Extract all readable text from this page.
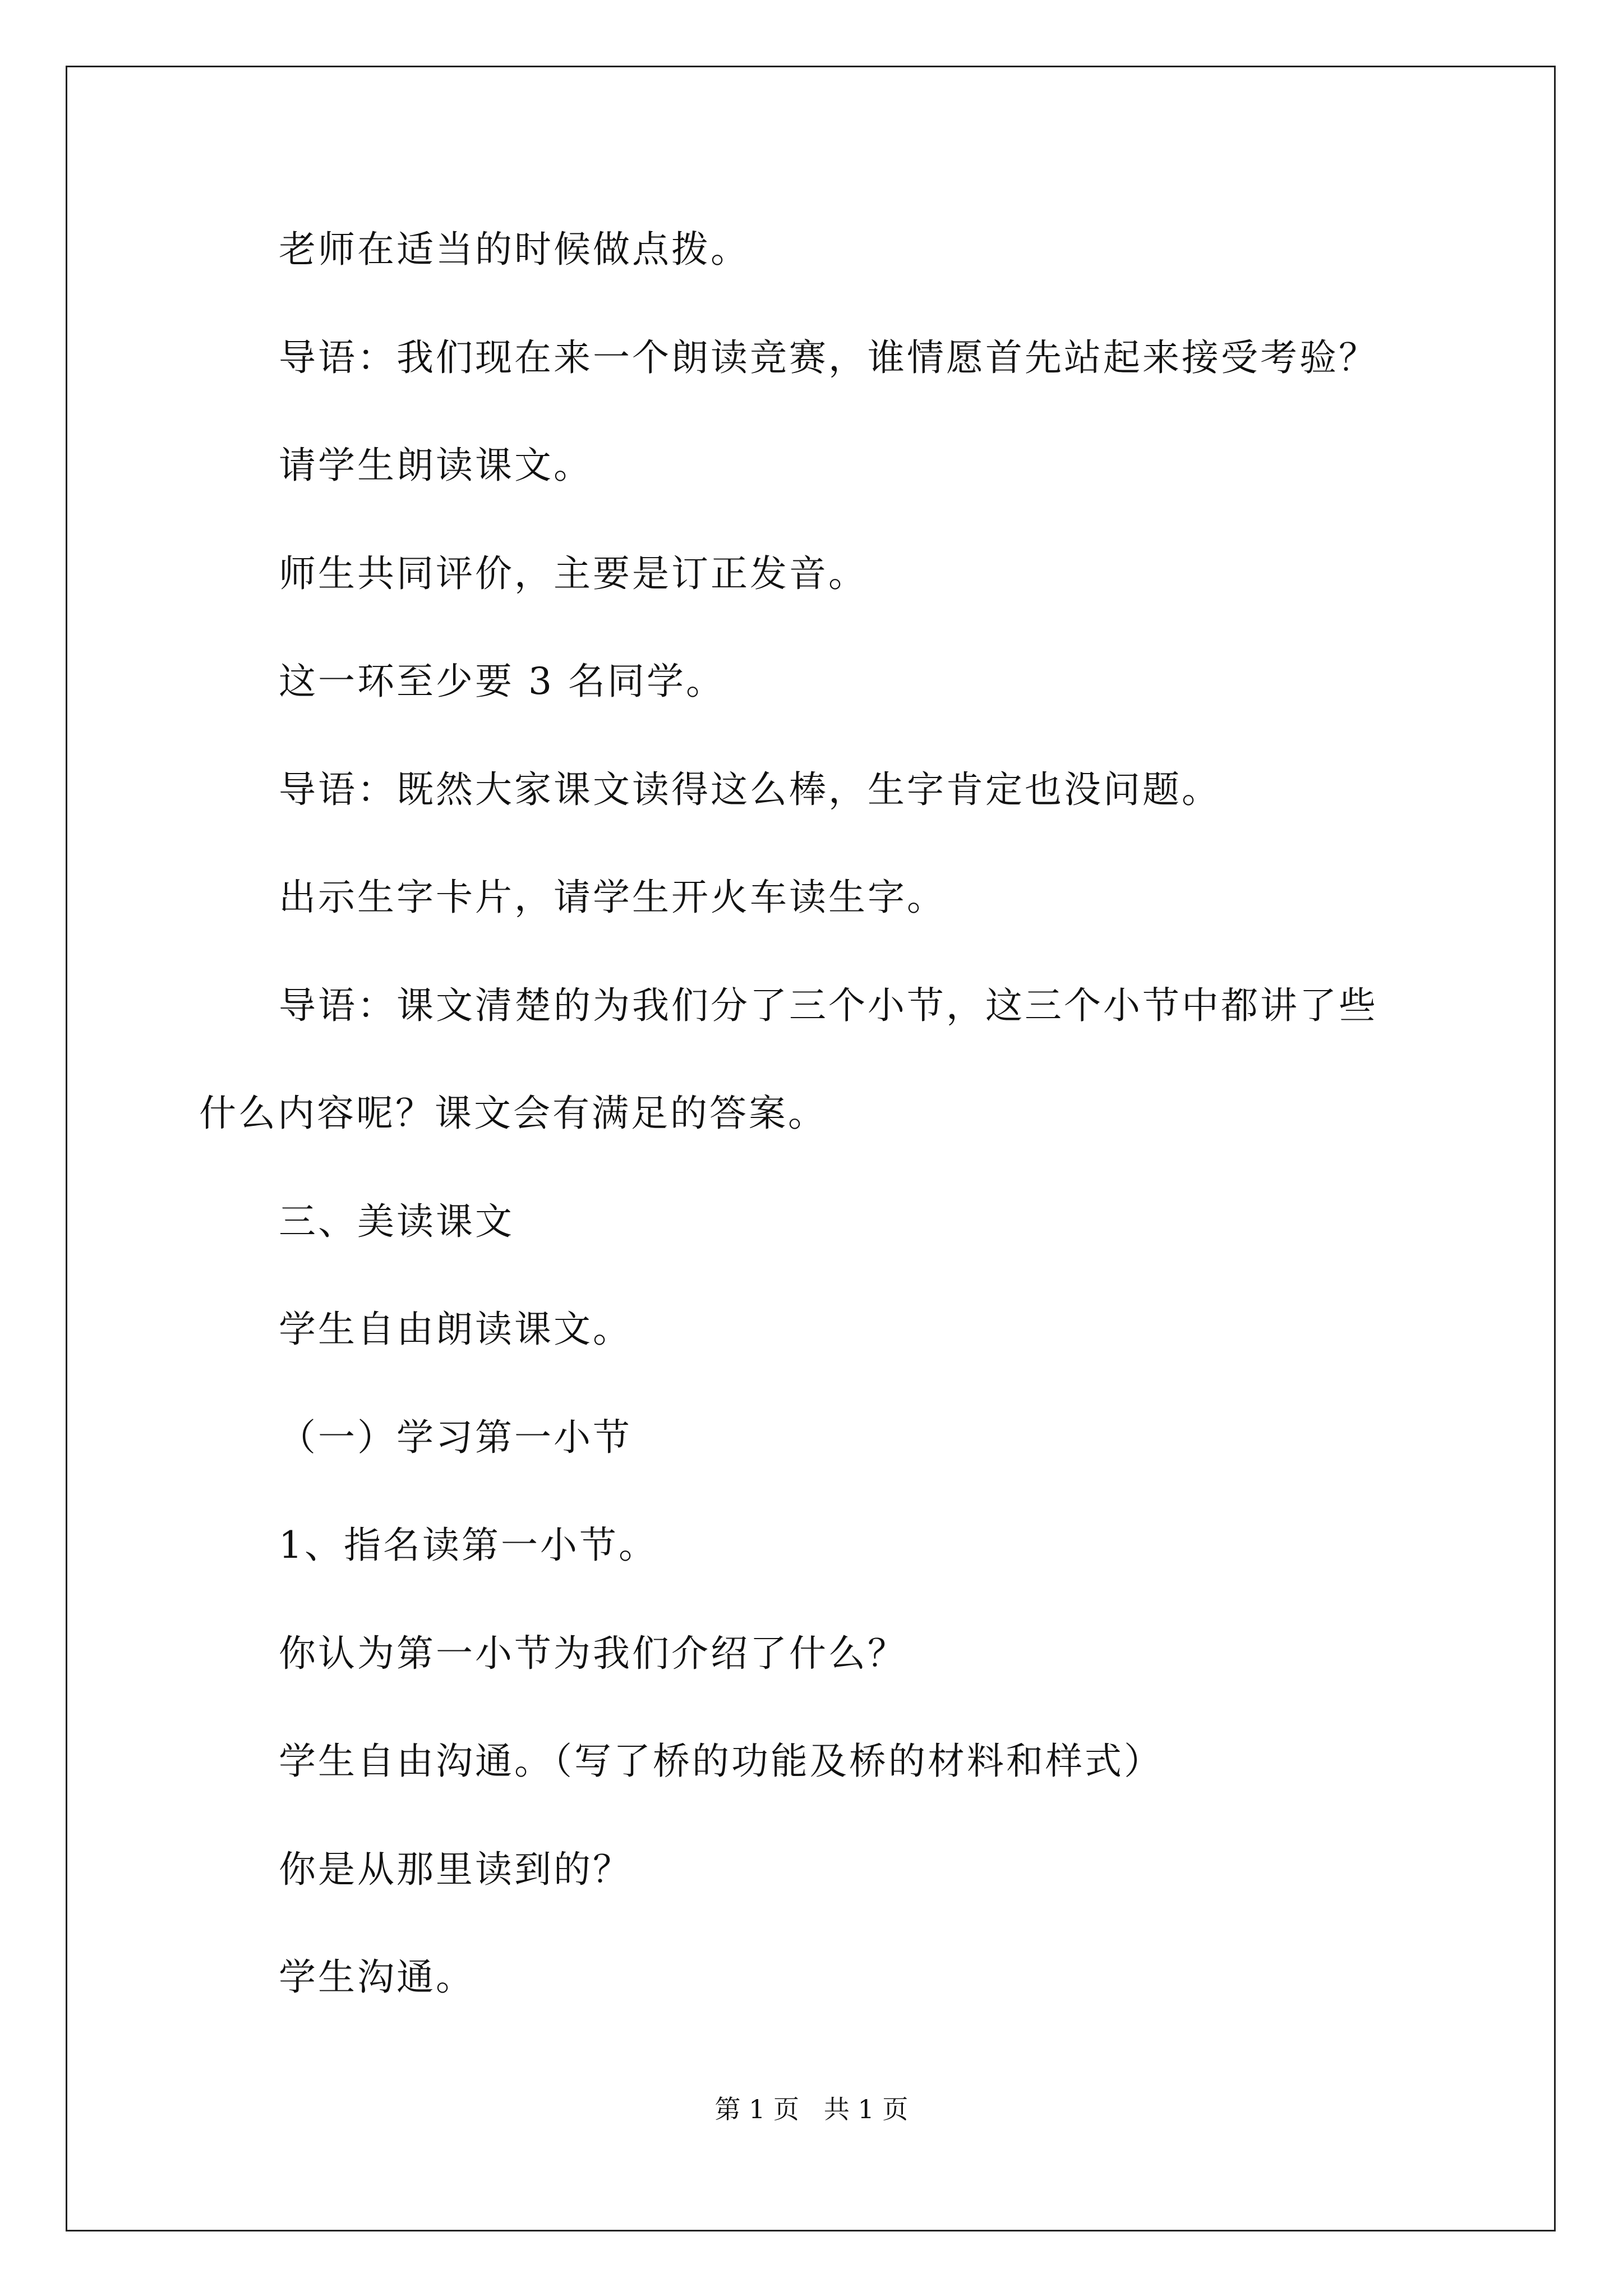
老师在适当的时候做点拨。

导语：我们现在来一个朗读竞赛，谁情愿首先站起来接受考验？

请学生朗读课文。

师生共同评价，主要是订正发音。

这一环至少要 3 名同学。

导语：既然大家课文读得这么棒，生字肯定也没问题。

出示生字卡片，请学生开火车读生字。

导语：课文清楚的为我们分了三个小节，这三个小节中都讲了些

什么内容呢？课文会有满足的答案。

三、美读课文

学生自由朗读课文。

（一）学习第一小节

1、指名读第一小节。

你认为第一小节为我们介绍了什么？

学生自由沟通。（写了桥的功能及桥的材料和样式）

你是从那里读到的？

学生沟通。

第 1 页   共 1 页
